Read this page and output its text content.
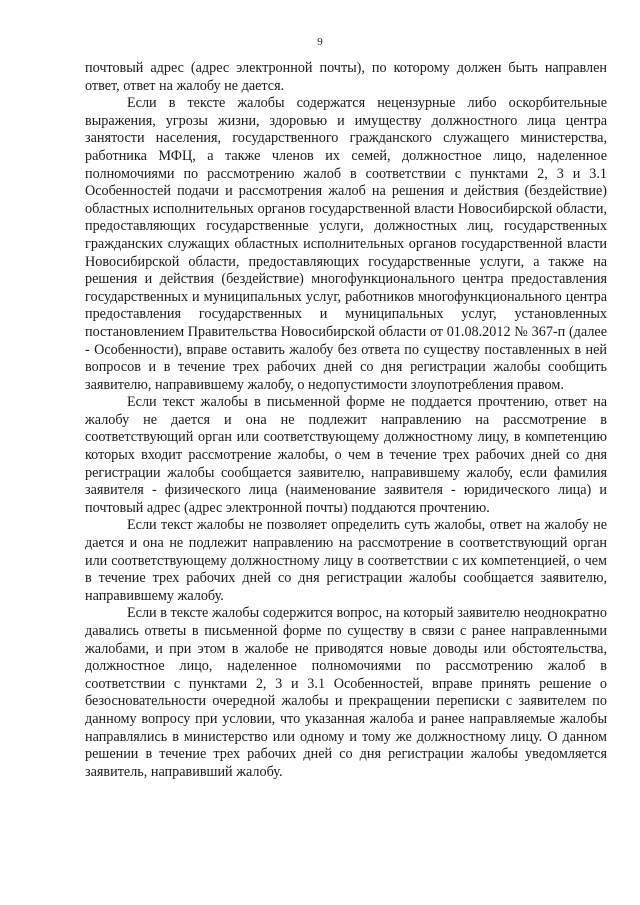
9

почтовый адрес (адрес электронной почты), по которому должен быть направлен ответ, ответ на жалобу не дается.

Если в тексте жалобы содержатся нецензурные либо оскорбительные выражения, угрозы жизни, здоровью и имуществу должностного лица центра занятости населения, государственного гражданского служащего министерства, работника МФЦ, а также членов их семей, должностное лицо, наделенное полномочиями по рассмотрению жалоб в соответствии с пунктами 2, 3 и 3.1 Особенностей подачи и рассмотрения жалоб на решения и действия (бездействие) областных исполнительных органов государственной власти Новосибирской области, предоставляющих государственные услуги, должностных лиц, государственных гражданских служащих областных исполнительных органов государственной власти Новосибирской области, предоставляющих государственные услуги, а также на решения и действия (бездействие) многофункционального центра предоставления государственных и муниципальных услуг, работников многофункционального центра предоставления государственных и муниципальных услуг, установленных постановлением Правительства Новосибирской области от 01.08.2012 № 367-п (далее - Особенности), вправе оставить жалобу без ответа по существу поставленных в ней вопросов и в течение трех рабочих дней со дня регистрации жалобы сообщить заявителю, направившему жалобу, о недопустимости злоупотребления правом.

Если текст жалобы в письменной форме не поддается прочтению, ответ на жалобу не дается и она не подлежит направлению на рассмотрение в соответствующий орган или соответствующему должностному лицу, в компетенцию которых входит рассмотрение жалобы, о чем в течение трех рабочих дней со дня регистрации жалобы сообщается заявителю, направившему жалобу, если фамилия заявителя - физического лица (наименование заявителя - юридического лица) и почтовый адрес (адрес электронной почты) поддаются прочтению.

Если текст жалобы не позволяет определить суть жалобы, ответ на жалобу не дается и она не подлежит направлению на рассмотрение в соответствующий орган или соответствующему должностному лицу в соответствии с их компетенцией, о чем в течение трех рабочих дней со дня регистрации жалобы сообщается заявителю, направившему жалобу.

Если в тексте жалобы содержится вопрос, на который заявителю неоднократно давались ответы в письменной форме по существу в связи с ранее направленными жалобами, и при этом в жалобе не приводятся новые доводы или обстоятельства, должностное лицо, наделенное полномочиями по рассмотрению жалоб в соответствии с пунктами 2, 3 и 3.1 Особенностей, вправе принять решение о безосновательности очередной жалобы и прекращении переписки с заявителем по данному вопросу при условии, что указанная жалоба и ранее направляемые жалобы направлялись в министерство или одному и тому же должностному лицу. О данном решении в течение трех рабочих дней со дня регистрации жалобы уведомляется заявитель, направивший жалобу.
